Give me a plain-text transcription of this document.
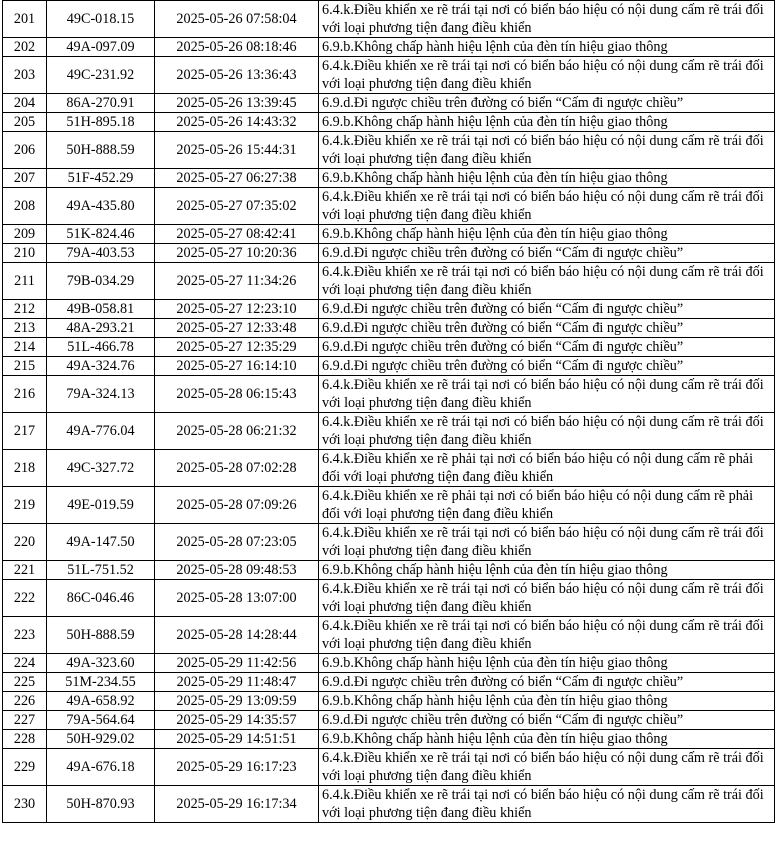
201	49C-018.15	2025-05-26 07:58:04	6.4.k.Điều khiển xe rẽ trái tại nơi có biển báo hiệu có nội dung cấm rẽ trái đối với loại phương tiện đang điều khiển
202	49A-097.09	2025-05-26 08:18:46	6.9.b.Không chấp hành hiệu lệnh của đèn tín hiệu giao thông
203	49C-231.92	2025-05-26 13:36:43	6.4.k.Điều khiển xe rẽ trái tại nơi có biển báo hiệu có nội dung cấm rẽ trái đối với loại phương tiện đang điều khiển
204	86A-270.91	2025-05-26 13:39:45	6.9.d.Đi ngược chiều trên đường có biển “Cấm đi ngược chiều”
205	51H-895.18	2025-05-26 14:43:32	6.9.b.Không chấp hành hiệu lệnh của đèn tín hiệu giao thông
206	50H-888.59	2025-05-26 15:44:31	6.4.k.Điều khiển xe rẽ trái tại nơi có biển báo hiệu có nội dung cấm rẽ trái đối với loại phương tiện đang điều khiển
207	51F-452.29	2025-05-27 06:27:38	6.9.b.Không chấp hành hiệu lệnh của đèn tín hiệu giao thông
208	49A-435.80	2025-05-27 07:35:02	6.4.k.Điều khiển xe rẽ trái tại nơi có biển báo hiệu có nội dung cấm rẽ trái đối với loại phương tiện đang điều khiển
209	51K-824.46	2025-05-27 08:42:41	6.9.b.Không chấp hành hiệu lệnh của đèn tín hiệu giao thông
210	79A-403.53	2025-05-27 10:20:36	6.9.d.Đi ngược chiều trên đường có biển “Cấm đi ngược chiều”
211	79B-034.29	2025-05-27 11:34:26	6.4.k.Điều khiển xe rẽ trái tại nơi có biển báo hiệu có nội dung cấm rẽ trái đối với loại phương tiện đang điều khiển
212	49B-058.81	2025-05-27 12:23:10	6.9.d.Đi ngược chiều trên đường có biển “Cấm đi ngược chiều”
213	48A-293.21	2025-05-27 12:33:48	6.9.d.Đi ngược chiều trên đường có biển “Cấm đi ngược chiều”
214	51L-466.78	2025-05-27 12:35:29	6.9.d.Đi ngược chiều trên đường có biển “Cấm đi ngược chiều”
215	49A-324.76	2025-05-27 16:14:10	6.9.d.Đi ngược chiều trên đường có biển “Cấm đi ngược chiều”
216	79A-324.13	2025-05-28 06:15:43	6.4.k.Điều khiển xe rẽ trái tại nơi có biển báo hiệu có nội dung cấm rẽ trái đối với loại phương tiện đang điều khiển
217	49A-776.04	2025-05-28 06:21:32	6.4.k.Điều khiển xe rẽ trái tại nơi có biển báo hiệu có nội dung cấm rẽ trái đối với loại phương tiện đang điều khiển
218	49C-327.72	2025-05-28 07:02:28	6.4.k.Điều khiển xe rẽ phải tại nơi có biển báo hiệu có nội dung cấm rẽ phải đối với loại phương tiện đang điều khiển
219	49E-019.59	2025-05-28 07:09:26	6.4.k.Điều khiển xe rẽ phải tại nơi có biển báo hiệu có nội dung cấm rẽ phải đối với loại phương tiện đang điều khiển
220	49A-147.50	2025-05-28 07:23:05	6.4.k.Điều khiển xe rẽ trái tại nơi có biển báo hiệu có nội dung cấm rẽ trái đối với loại phương tiện đang điều khiển
221	51L-751.52	2025-05-28 09:48:53	6.9.b.Không chấp hành hiệu lệnh của đèn tín hiệu giao thông
222	86C-046.46	2025-05-28 13:07:00	6.4.k.Điều khiển xe rẽ trái tại nơi có biển báo hiệu có nội dung cấm rẽ trái đối với loại phương tiện đang điều khiển
223	50H-888.59	2025-05-28 14:28:44	6.4.k.Điều khiển xe rẽ trái tại nơi có biển báo hiệu có nội dung cấm rẽ trái đối với loại phương tiện đang điều khiển
224	49A-323.60	2025-05-29 11:42:56	6.9.b.Không chấp hành hiệu lệnh của đèn tín hiệu giao thông
225	51M-234.55	2025-05-29 11:48:47	6.9.d.Đi ngược chiều trên đường có biển “Cấm đi ngược chiều”
226	49A-658.92	2025-05-29 13:09:59	6.9.b.Không chấp hành hiệu lệnh của đèn tín hiệu giao thông
227	79A-564.64	2025-05-29 14:35:57	6.9.d.Đi ngược chiều trên đường có biển “Cấm đi ngược chiều”
228	50H-929.02	2025-05-29 14:51:51	6.9.b.Không chấp hành hiệu lệnh của đèn tín hiệu giao thông
229	49A-676.18	2025-05-29 16:17:23	6.4.k.Điều khiển xe rẽ trái tại nơi có biển báo hiệu có nội dung cấm rẽ trái đối với loại phương tiện đang điều khiển
230	50H-870.93	2025-05-29 16:17:34	6.4.k.Điều khiển xe rẽ trái tại nơi có biển báo hiệu có nội dung cấm rẽ trái đối với loại phương tiện đang điều khiển
